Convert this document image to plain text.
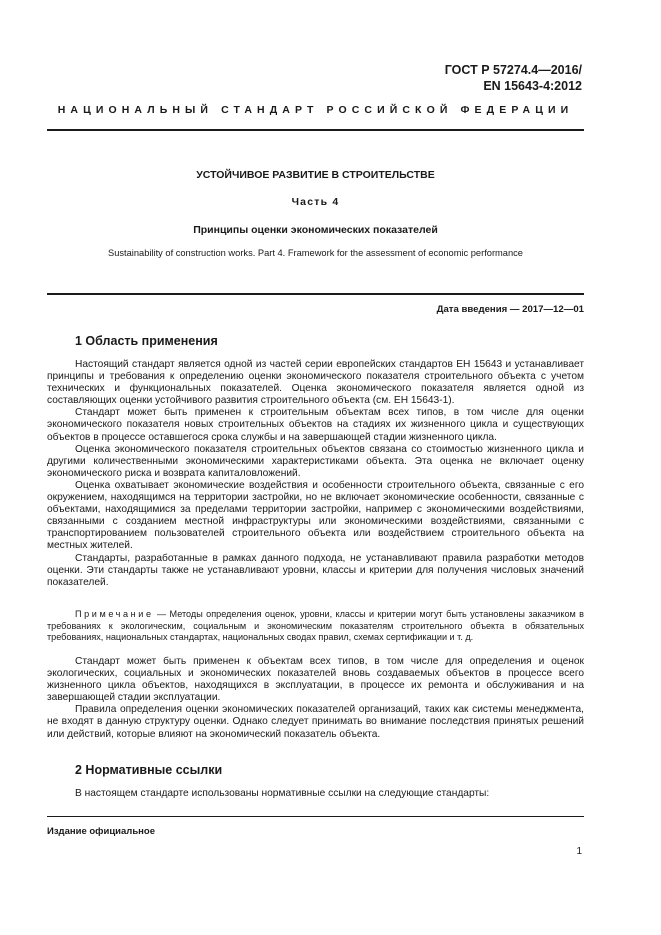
ГОСТ Р 57274.4—2016/
EN 15643-4:2012
НАЦИОНАЛЬНЫЙ СТАНДАРТ РОССИЙСКОЙ ФЕДЕРАЦИИ
УСТОЙЧИВОЕ РАЗВИТИЕ В СТРОИТЕЛЬСТВЕ
Часть 4
Принципы оценки экономических показателей
Sustainability of construction works. Part 4. Framework for the assessment of economic performance
Дата введения — 2017—12—01
1 Область применения

Настоящий стандарт является одной из частей серии европейских стандартов ЕН 15643 и устанавливает принципы и требования к определению оценки экономического показателя строительного объекта с учетом технических и функциональных показателей. Оценка экономического показателя является одной из составляющих оценки устойчивого развития строительного объекта (см. ЕН 15643-1).

Стандарт может быть применен к строительным объектам всех типов, в том числе для оценки экономического показателя новых строительных объектов на стадиях их жизненного цикла и существующих объектов в процессе оставшегося срока службы и на завершающей стадии жизненного цикла.

Оценка экономического показателя строительных объектов связана со стоимостью жизненного цикла и другими количественными экономическими характеристиками объекта. Эта оценка не включает оценку экономического риска и возврата капиталовложений.

Оценка охватывает экономические воздействия и особенности строительного объекта, связанные с его окружением, находящимся на территории застройки, но не включает экономические особенности, связанные с объектами, находящимися за пределами территории застройки, например с экономическими воздействиями, связанными с созданием местной инфраструктуры или экономическими воздействиями, связанными с транспортированием пользователей строительного объекта или воздействием строительного объекта на местных жителей.

Стандарты, разработанные в рамках данного подхода, не устанавливают правила разработки методов оценки. Эти стандарты также не устанавливают уровни, классы и критерии для получения числовых значений показателей.

Примечание — Методы определения оценок, уровни, классы и критерии могут быть установлены заказчиком в требованиях к экологическим, социальным и экономическим показателям строительного объекта в обязательных требованиях, национальных стандартах, национальных сводах правил, схемах сертификации и т. д.

Стандарт может быть применен к объектам всех типов, в том числе для определения и оценок экологических, социальных и экономических показателей вновь создаваемых объектов в процессе всего жизненного цикла объектов, находящихся в эксплуатации, в процессе их ремонта и обслуживания и на завершающей стадии эксплуатации.

Правила определения оценки экономических показателей организаций, таких как системы менеджмента, не входят в данную структуру оценки. Однако следует принимать во внимание последствия принятых решений или действий, которые влияют на экономический показатель объекта.

2 Нормативные ссылки

В настоящем стандарте использованы нормативные ссылки на следующие стандарты:

Издание официальное
1
